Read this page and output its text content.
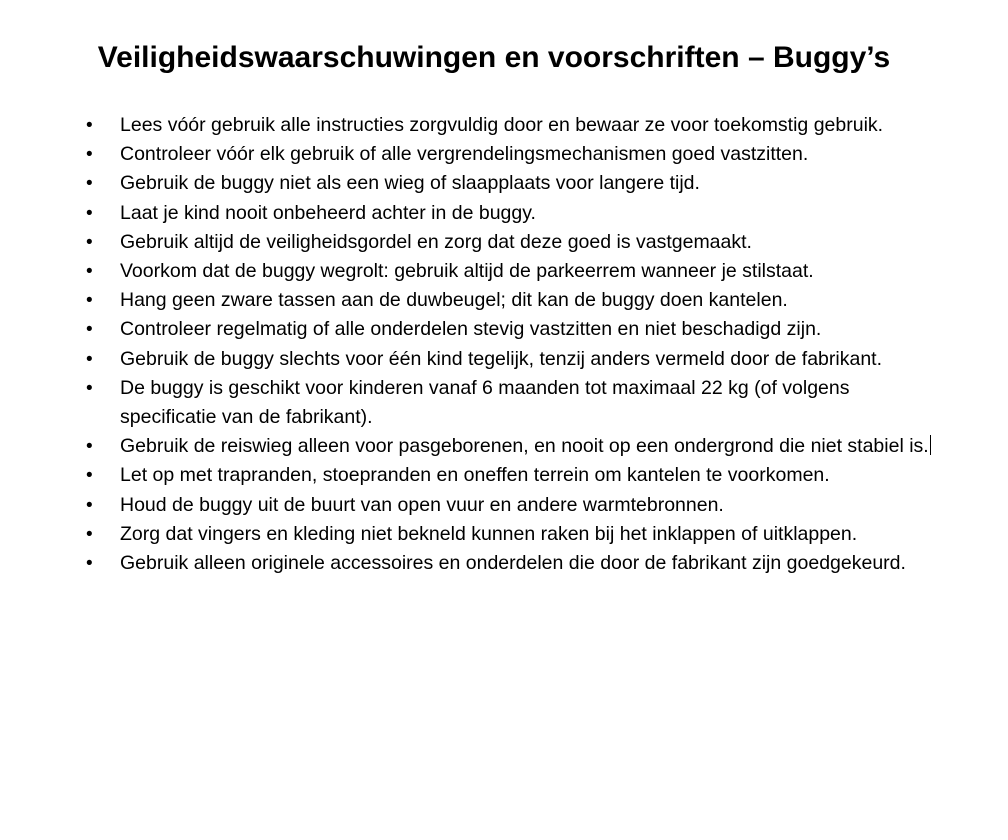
Veiligheidswaarschuwingen en voorschriften – Buggy’s
• Lees vóór gebruik alle instructies zorgvuldig door en bewaar ze voor toekomstig gebruik.
• Controleer vóór elk gebruik of alle vergrendelingsmechanismen goed vastzitten.
• Gebruik de buggy niet als een wieg of slaapplaats voor langere tijd.
• Laat je kind nooit onbeheerd achter in de buggy.
• Gebruik altijd de veiligheidsgordel en zorg dat deze goed is vastgemaakt.
• Voorkom dat de buggy wegrolt: gebruik altijd de parkeerrem wanneer je stilstaat.
• Hang geen zware tassen aan de duwbeugel; dit kan de buggy doen kantelen.
• Controleer regelmatig of alle onderdelen stevig vastzitten en niet beschadigd zijn.
• Gebruik de buggy slechts voor één kind tegelijk, tenzij anders vermeld door de fabrikant.
• De buggy is geschikt voor kinderen vanaf 6 maanden tot maximaal 22 kg (of volgens specificatie van de fabrikant).
• Gebruik de reiswieg alleen voor pasgeborenen, en nooit op een ondergrond die niet stabiel is.
• Let op met trapranden, stoepranden en oneffen terrein om kantelen te voorkomen.
• Houd de buggy uit de buurt van open vuur en andere warmtebronnen.
• Zorg dat vingers en kleding niet bekneld kunnen raken bij het inklappen of uitklappen.
• Gebruik alleen originele accessoires en onderdelen die door de fabrikant zijn goedgekeurd.
